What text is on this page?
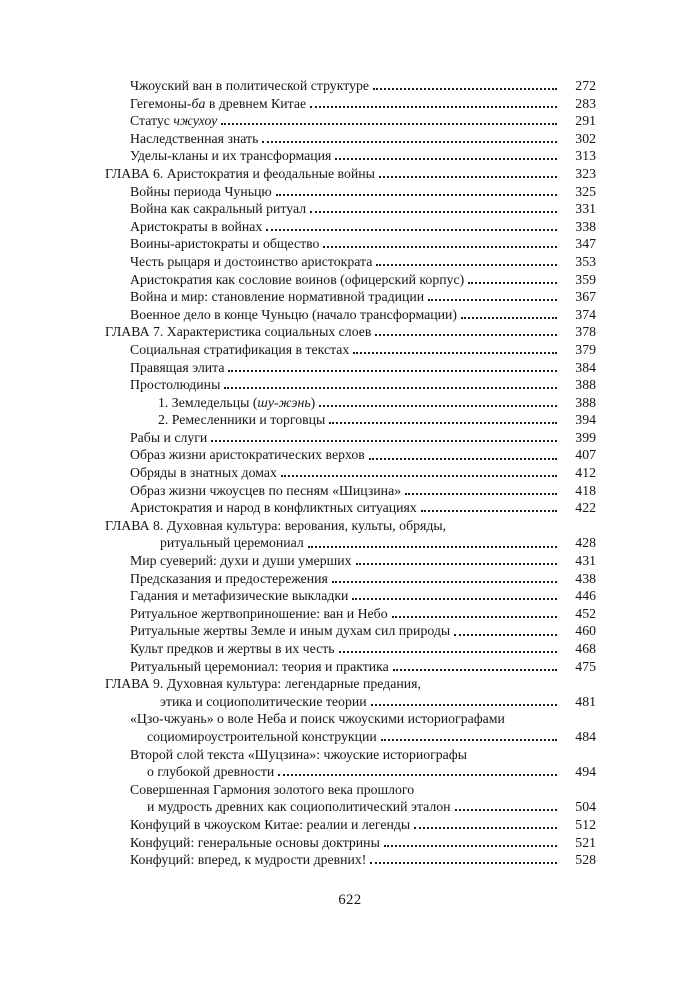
Чжоуский ван в политической структуре	272
Гегемоны-ба в древнем Китае	283
Статус чжухоу	291
Наследственная знать	302
Уделы-кланы и их трансформация	313
ГЛАВА 6. Аристократия и феодальные войны	323
Войны периода Чуньцю	325
Война как сакральный ритуал	331
Аристократы в войнах	338
Воины-аристократы и общество	347
Честь рыцаря и достоинство аристократа	353
Аристократия как сословие воинов (офицерский корпус)	359
Война и мир: становление нормативной традиции	367
Военное дело в конце Чуньцю (начало трансформации)	374
ГЛАВА 7. Характеристика социальных слоев	378
Социальная стратификация в текстах	379
Правящая элита	384
Простолюдины	388
1. Земледельцы (шу-жэнь)	388
2. Ремесленники и торговцы	394
Рабы и слуги	399
Образ жизни аристократических верхов	407
Обряды в знатных домах	412
Образ жизни чжоусцев по песням «Шицзина»	418
Аристократия и народ в конфликтных ситуациях	422
ГЛАВА 8. Духовная культура: верования, культы, обряды,
ритуальный церемониал	428
Мир суеверий: духи и души умерших	431
Предсказания и предостережения	438
Гадания и метафизические выкладки	446
Ритуальное жертвоприношение: ван и Небо	452
Ритуальные жертвы Земле и иным духам сил природы	460
Культ предков и жертвы в их честь	468
Ритуальный церемониал: теория и практика	475
ГЛАВА 9. Духовная культура: легендарные предания,
этика и социополитические теории	481
«Цзо-чжуань» о воле Неба и поиск чжоускими историографами
социомироустроительной конструкции	484
Второй слой текста «Шуцзина»: чжоуские историографы
о глубокой древности	494
Совершенная Гармония золотого века прошлого
и мудрость древних как социополитический эталон	504
Конфуций в чжоуском Китае: реалии и легенды	512
Конфуций: генеральные основы доктрины	521
Конфуций: вперед, к мудрости древних!	528
622
